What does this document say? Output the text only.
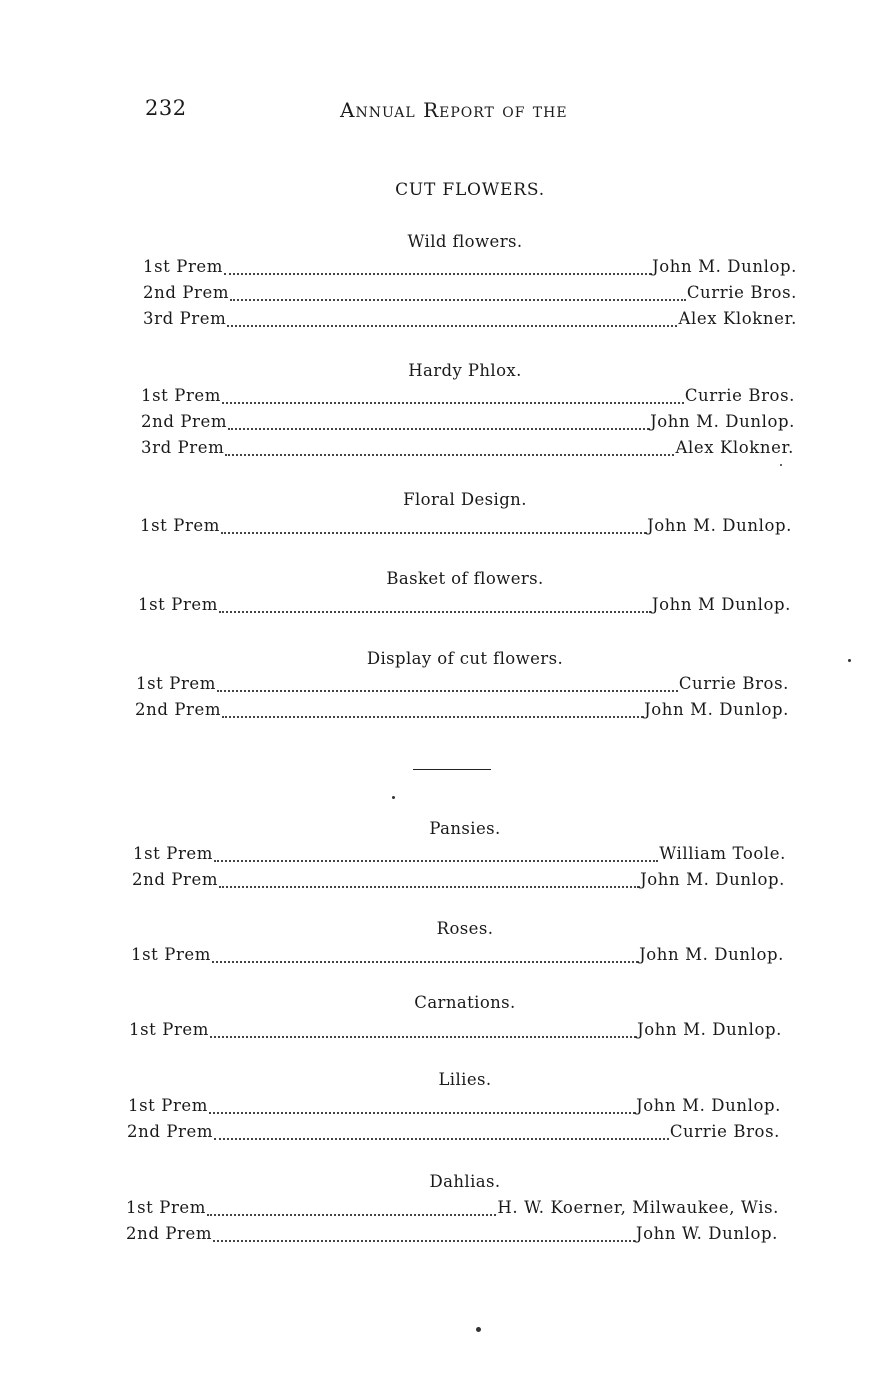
232	Annual Report of the
CUT FLOWERS.
Wild flowers.
1st Prem	John M. Dunlop.
2nd Prem	Currie Bros.
3rd Prem	Alex Klokner.
Hardy Phlox.
1st Prem	Currie Bros.
2nd Prem	John M. Dunlop.
3rd Prem	Alex Klokner.
Floral Design.
1st Prem	John M. Dunlop.
Basket of flowers.
1st Prem	John M Dunlop.
Display of cut flowers.
1st Prem	Currie Bros.
2nd Prem	John M. Dunlop.
Pansies.
1st Prem	William Toole.
2nd Prem	John M. Dunlop.
Roses.
1st Prem	John M. Dunlop.
Carnations.
1st Prem	John M. Dunlop.
Lilies.
1st Prem	John M. Dunlop.
2nd Prem	Currie Bros.
Dahlias.
1st Prem	H. W. Koerner, Milwaukee, Wis.
2nd Prem	John W. Dunlop.
